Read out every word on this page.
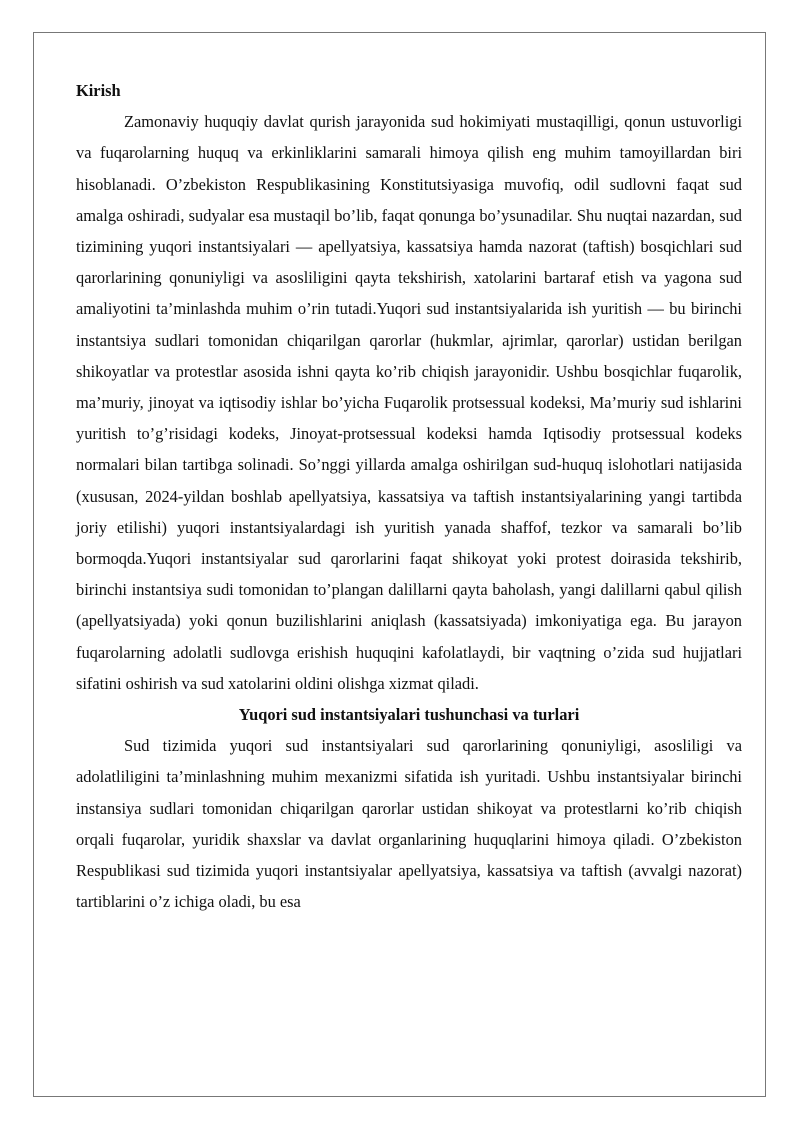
Kirish

Zamonaviy huquqiy davlat qurish jarayonida sud hokimiyati mustaqilligi, qonun ustuvorligi va fuqarolarning huquq va erkinliklarini samarali himoya qilish eng muhim tamoyillardan biri hisoblanadi. O’zbekiston Respublikasining Konstitutsiyasiga muvofiq, odil sudlovni faqat sud amalga oshiradi, sudyalar esa mustaqil bo’lib, faqat qonunga bo’ysunadilar. Shu nuqtai nazardan, sud tizimining yuqori instantsiyalari — apellyatsiya, kassatsiya hamda nazorat (taftish) bosqichlari sud qarorlarining qonuniyligi va asosliligini qayta tekshirish, xatolarini bartaraf etish va yagona sud amaliyotini ta’minlashda muhim o’rin tutadi.Yuqori sud instantsiyalarida ish yuritish — bu birinchi instantsiya sudlari tomonidan chiqarilgan qarorlar (hukmlar, ajrimlar, qarorlar) ustidan berilgan shikoyatlar va protestlar asosida ishni qayta ko’rib chiqish jarayonidir. Ushbu bosqichlar fuqarolik, ma’muriy, jinoyat va iqtisodiy ishlar bo’yicha Fuqarolik protsessual kodeksi, Ma’muriy sud ishlarini yuritish to’g’risidagi kodeks, Jinoyat-protsessual kodeksi hamda Iqtisodiy protsessual kodeks normalari bilan tartibga solinadi. So’nggi yillarda amalga oshirilgan sud-huquq islohotlari natijasida (xususan, 2024-yildan boshlab apellyatsiya, kassatsiya va taftish instantsiyalarining yangi tartibda joriy etilishi) yuqori instantsiyalardagi ish yuritish yanada shaffof, tezkor va samarali bo’lib bormoqda.Yuqori instantsiyalar sud qarorlarini faqat shikoyat yoki protest doirasida tekshirib, birinchi instantsiya sudi tomonidan to’plangan dalillarni qayta baholash, yangi dalillarni qabul qilish (apellyatsiyada) yoki qonun buzilishlarini aniqlash (kassatsiyada) imkoniyatiga ega. Bu jarayon fuqarolarning adolatli sudlovga erishish huquqini kafolatlaydi, bir vaqtning o’zida sud hujjatlari sifatini oshirish va sud xatolarini oldini olishga xizmat qiladi.

Yuqori sud instantsiyalari tushunchasi va turlari

Sud tizimida yuqori sud instantsiyalari sud qarorlarining qonuniyligi, asosliligi va adolatliligini ta’minlashning muhim mexanizmi sifatida ish yuritadi. Ushbu instantsiyalar birinchi instansiya sudlari tomonidan chiqarilgan qarorlar ustidan shikoyat va protestlarni ko’rib chiqish orqali fuqarolar, yuridik shaxslar va davlat organlarining huquqlarini himoya qiladi. O’zbekiston Respublikasi sud tizimida yuqori instantsiyalar apellyatsiya, kassatsiya va taftish (avvalgi nazorat) tartiblarini o’z ichiga oladi, bu esa
